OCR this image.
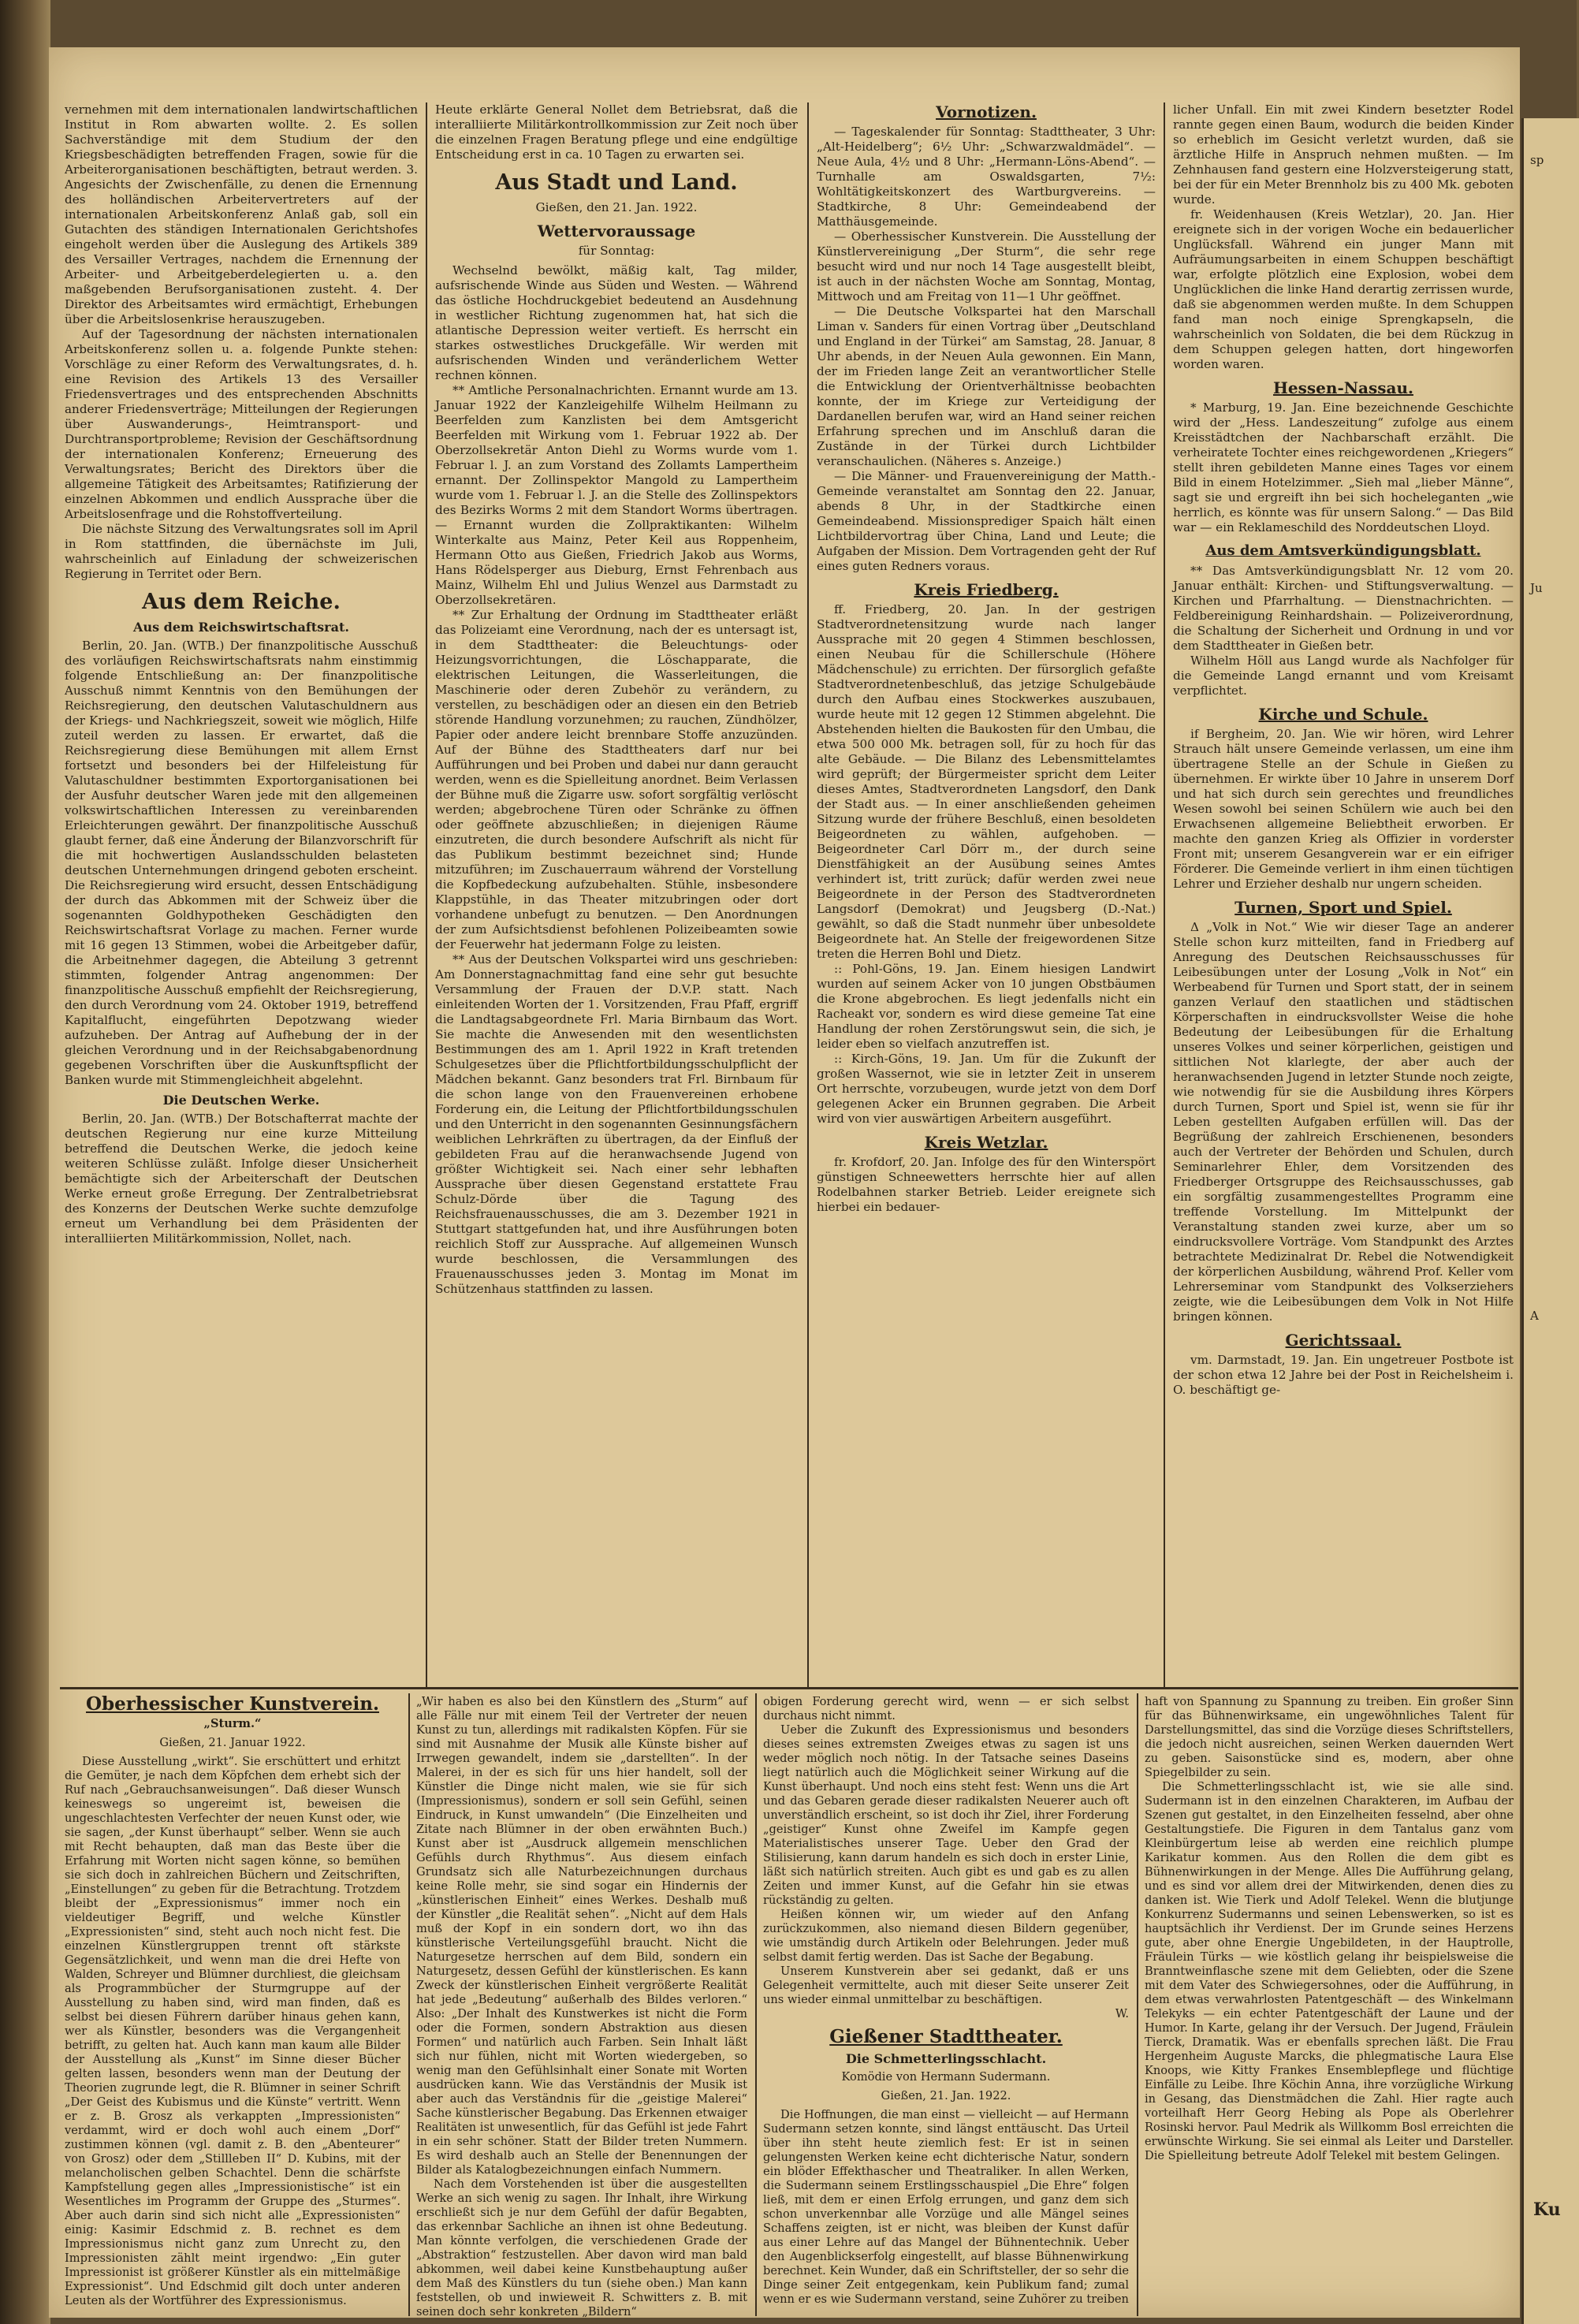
vernehmen mit dem internationalen landwirtschaftlichen Institut in Rom abwarten wollte. 2. Es sollen Sachverständige mit dem Studium der den Kriegsbeschädigten betreffenden Fragen, sowie für die Arbeiterorganisationen beschäftigten, betraut werden. 3. Angesichts der Zwischenfälle, zu denen die Ernennung des holländischen Arbeitervertreters auf der internationalen Arbeitskonferenz Anlaß gab, soll ein Gutachten des ständigen Internationalen Gerichtshofes eingeholt werden über die Auslegung des Artikels 389 des Versailler Vertrages, nachdem die Ernennung der Arbeiter- und Arbeitgeberdelegierten u. a. den maßgebenden Berufsorganisationen zusteht. 4. Der Direktor des Arbeitsamtes wird ermächtigt, Erhebungen über die Arbeitslosenkrise herauszugeben.

Auf der Tagesordnung der nächsten internationalen Arbeitskonferenz sollen u. a. folgende Punkte stehen: Vorschläge zu einer Reform des Verwaltungsrates, d. h. eine Revision des Artikels 13 des Versailler Friedensvertrages und des entsprechenden Abschnitts anderer Friedensverträge; Mitteilungen der Regierungen über Auswanderungs-, Heimtransport- und Durchtransportprobleme; Revision der Geschäftsordnung der internationalen Konferenz; Erneuerung des Verwaltungsrates; Bericht des Direktors über die allgemeine Tätigkeit des Arbeitsamtes; Ratifizierung der einzelnen Abkommen und endlich Aussprache über die Arbeitslosenfrage und die Rohstoffverteilung.

Die nächste Sitzung des Verwaltungsrates soll im April in Rom stattfinden, die übernächste im Juli, wahrscheinlich auf Einladung der schweizerischen Regierung in Territet oder Bern.

Aus dem Reiche.
Aus dem Reichswirtschaftsrat.

Berlin, 20. Jan. (WTB.) Der finanzpolitische Ausschuß des vorläufigen Reichswirtschaftsrats nahm einstimmig folgende Entschließung an: Der finanzpolitische Ausschuß nimmt Kenntnis von den Bemühungen der Reichsregierung, den deutschen Valutaschuldnern aus der Kriegs- und Nachkriegszeit, soweit wie möglich, Hilfe zuteil werden zu lassen. Er erwartet, daß die Reichsregierung diese Bemühungen mit allem Ernst fortsetzt und besonders bei der Hilfeleistung für Valutaschuldner bestimmten Exportorganisationen bei der Ausfuhr deutscher Waren jede mit den allgemeinen volkswirtschaftlichen Interessen zu vereinbarenden Erleichterungen gewährt. Der finanzpolitische Ausschuß glaubt ferner, daß eine Änderung der Bilanzvorschrift für die mit hochwertigen Auslandsschulden belasteten deutschen Unternehmungen dringend geboten erscheint. Die Reichsregierung wird ersucht, dessen Entschädigung der durch das Abkommen mit der Schweiz über die sogenannten Goldhypotheken Geschädigten den Reichswirtschaftsrat Vorlage zu machen. Ferner wurde mit 16 gegen 13 Stimmen, wobei die Arbeitgeber dafür, die Arbeitnehmer dagegen, die Abteilung 3 getrennt stimmten, folgender Antrag angenommen: Der finanzpolitische Ausschuß empfiehlt der Reichsregierung, den durch Verordnung vom 24. Oktober 1919, betreffend Kapitalflucht, eingeführten Depotzwang wieder aufzuheben. Der Antrag auf Aufhebung der in der gleichen Verordnung und in der Reichsabgabenordnung gegebenen Vorschriften über die Auskunftspflicht der Banken wurde mit Stimmengleichheit abgelehnt.

Die Deutschen Werke.

Berlin, 20. Jan. (WTB.) Der Botschafterrat machte der deutschen Regierung nur eine kurze Mitteilung betreffend die Deutschen Werke, die jedoch keine weiteren Schlüsse zuläßt. Infolge dieser Unsicherheit bemächtigte sich der Arbeiterschaft der Deutschen Werke erneut große Erregung. Der Zentralbetriebsrat des Konzerns der Deutschen Werke suchte demzufolge erneut um Verhandlung bei dem Präsidenten der interalliierten Militärkommission, Nollet, nach.

Heute erklärte General Nollet dem Betriebsrat, daß die interalliierte Militärkontrollkommission zur Zeit noch über die einzelnen Fragen Beratung pflege und eine endgültige Entscheidung erst in ca. 10 Tagen zu erwarten sei.

Aus Stadt und Land.
Gießen, den 21. Jan. 1922.
Wettervoraussage
für Sonntag:

Wechselnd bewölkt, mäßig kalt, Tag milder, aufsrischende Winde aus Süden und Westen. — Während das östliche Hochdruckgebiet bedeutend an Ausdehnung in westlicher Richtung zugenommen hat, hat sich die atlantische Depression weiter vertieft. Es herrscht ein starkes ostwestliches Druckgefälle. Wir werden mit aufsrischenden Winden und veränderlichem Wetter rechnen können.

** Amtliche Personalnachrichten. Ernannt wurde am 13. Januar 1922 der Kanzleigehilfe Wilhelm Heilmann zu Beerfelden zum Kanzlisten bei dem Amtsgericht Beerfelden mit Wirkung vom 1. Februar 1922 ab. Der Oberzollsekretär Anton Diehl zu Worms wurde vom 1. Februar l. J. an zum Vorstand des Zollamts Lampertheim ernannt. Der Zollinspektor Mangold zu Lampertheim wurde vom 1. Februar l. J. an die Stelle des Zollinspektors des Bezirks Worms 2 mit dem Standort Worms übertragen. — Ernannt wurden die Zollpraktikanten: Wilhelm Winterkalte aus Mainz, Peter Keil aus Roppenheim, Hermann Otto aus Gießen, Friedrich Jakob aus Worms, Hans Rödelsperger aus Dieburg, Ernst Fehrenbach aus Mainz, Wilhelm Ehl und Julius Wenzel aus Darmstadt zu Oberzollsekretären.

** Zur Erhaltung der Ordnung im Stadttheater erläßt das Polizeiamt eine Verordnung, nach der es untersagt ist, in dem Stadttheater: die Beleuchtungs- oder Heizungsvorrichtungen, die Löschapparate, die elektrischen Leitungen, die Wasserleitungen, die Maschinerie oder deren Zubehör zu verändern, zu verstellen, zu beschädigen oder an diesen ein den Betrieb störende Handlung vorzunehmen; zu rauchen, Zündhölzer, Papier oder andere leicht brennbare Stoffe anzuzünden. Auf der Bühne des Stadttheaters darf nur bei Aufführungen und bei Proben und dabei nur dann geraucht werden, wenn es die Spielleitung anordnet. Beim Verlassen der Bühne muß die Zigarre usw. sofort sorgfältig verlöscht werden; abgebrochene Türen oder Schränke zu öffnen oder geöffnete abzuschließen; in diejenigen Räume einzutreten, die durch besondere Aufschrift als nicht für das Publikum bestimmt bezeichnet sind; Hunde mitzuführen; im Zuschauerraum während der Vorstellung die Kopfbedeckung aufzubehalten. Stühle, insbesondere Klappstühle, in das Theater mitzubringen oder dort vorhandene unbefugt zu benutzen. — Den Anordnungen der zum Aufsichtsdienst befohlenen Polizeibeamten sowie der Feuerwehr hat jedermann Folge zu leisten.

** Aus der Deutschen Volkspartei wird uns geschrieben: Am Donnerstagnachmittag fand eine sehr gut besuchte Versammlung der Frauen der D.V.P. statt. Nach einleitenden Worten der 1. Vorsitzenden, Frau Pfaff, ergriff die Landtagsabgeordnete Frl. Maria Birnbaum das Wort. Sie machte die Anwesenden mit den wesentlichsten Bestimmungen des am 1. April 1922 in Kraft tretenden Schulgesetzes über die Pflichtfortbildungsschulpflicht der Mädchen bekannt. Ganz besonders trat Frl. Birnbaum für die schon lange von den Frauenvereinen erhobene Forderung ein, die Leitung der Pflichtfortbildungsschulen und den Unterricht in den sogenannten Gesinnungsfächern weiblichen Lehrkräften zu übertragen, da der Einfluß der gebildeten Frau auf die heranwachsende Jugend von größter Wichtigkeit sei. Nach einer sehr lebhaften Aussprache über diesen Gegenstand erstattete Frau Schulz-Dörde über die Tagung des Reichsfrauenausschusses, die am 3. Dezember 1921 in Stuttgart stattgefunden hat, und ihre Ausführungen boten reichlich Stoff zur Aussprache. Auf allgemeinen Wunsch wurde beschlossen, die Versammlungen des Frauenausschusses jeden 3. Montag im Monat im Schützenhaus stattfinden zu lassen.

Vornotizen.

— Tageskalender für Sonntag: Stadttheater, 3 Uhr: „Alt-Heidelberg“; 6½ Uhr: „Schwarzwaldmädel“. — Neue Aula, 4½ und 8 Uhr: „Hermann-Löns-Abend“. — Turnhalle am Oswaldsgarten, 7½: Wohltätigkeitskonzert des Wartburgvereins. — Stadtkirche, 8 Uhr: Gemeindeabend der Matthäusgemeinde.

— Oberhessischer Kunstverein. Die Ausstellung der Künstlervereinigung „Der Sturm“, die sehr rege besucht wird und nur noch 14 Tage ausgestellt bleibt, ist auch in der nächsten Woche am Sonntag, Montag, Mittwoch und am Freitag von 11—1 Uhr geöffnet.

— Die Deutsche Volkspartei hat den Marschall Liman v. Sanders für einen Vortrag über „Deutschland und England in der Türkei“ am Samstag, 28. Januar, 8 Uhr abends, in der Neuen Aula gewonnen. Ein Mann, der im Frieden lange Zeit an verantwortlicher Stelle die Entwicklung der Orientverhältnisse beobachten konnte, der im Kriege zur Verteidigung der Dardanellen berufen war, wird an Hand seiner reichen Erfahrung sprechen und im Anschluß daran die Zustände in der Türkei durch Lichtbilder veranschaulichen. (Näheres s. Anzeige.)

— Die Männer- und Frauenvereinigung der Matth.-Gemeinde veranstaltet am Sonntag den 22. Januar, abends 8 Uhr, in der Stadtkirche einen Gemeindeabend. Missionsprediger Spaich hält einen Lichtbildervortrag über China, Land und Leute; die Aufgaben der Mission. Dem Vortragenden geht der Ruf eines guten Redners voraus.

Kreis Friedberg.

ff. Friedberg, 20. Jan. In der gestrigen Stadtverordnetensitzung wurde nach langer Aussprache mit 20 gegen 4 Stimmen beschlossen, einen Neubau für die Schillerschule (Höhere Mädchenschule) zu errichten. Der fürsorglich gefaßte Stadtverordnetenbeschluß, das jetzige Schulgebäude durch den Aufbau eines Stockwerkes auszubauen, wurde heute mit 12 gegen 12 Stimmen abgelehnt. Die Abstehenden hielten die Baukosten für den Umbau, die etwa 500 000 Mk. betragen soll, für zu hoch für das alte Gebäude. — Die Bilanz des Lebensmittelamtes wird geprüft; der Bürgermeister spricht dem Leiter dieses Amtes, Stadtverordneten Langsdorf, den Dank der Stadt aus. — In einer anschließenden geheimen Sitzung wurde der frühere Beschluß, einen besoldeten Beigeordneten zu wählen, aufgehoben. — Beigeordneter Carl Dörr m., der durch seine Dienstfähigkeit an der Ausübung seines Amtes verhindert ist, tritt zurück; dafür werden zwei neue Beigeordnete in der Person des Stadtverordneten Langsdorf (Demokrat) und Jeugsberg (D.-Nat.) gewählt, so daß die Stadt nunmehr über unbesoldete Beigeordnete hat. An Stelle der freigewordenen Sitze treten die Herren Bohl und Dietz.

:: Pohl-Göns, 19. Jan. Einem hiesigen Landwirt wurden auf seinem Acker von 10 jungen Obstbäumen die Krone abgebrochen. Es liegt jedenfalls nicht ein Racheakt vor, sondern es wird diese gemeine Tat eine Handlung der rohen Zerstörungswut sein, die sich, je leider eben so vielfach anzutreffen ist.

:: Kirch-Göns, 19. Jan. Um für die Zukunft der großen Wassernot, wie sie in letzter Zeit in unserem Ort herrschte, vorzubeugen, wurde jetzt von dem Dorf gelegenen Acker ein Brunnen gegraben. Die Arbeit wird von vier auswärtigen Arbeitern ausgeführt.

Kreis Wetzlar.

fr. Krofdorf, 20. Jan. Infolge des für den Winterspört günstigen Schneewetters herrschte hier auf allen Rodelbahnen starker Betrieb. Leider ereignete sich hierbei ein bedauer-

licher Unfall. Ein mit zwei Kindern besetzter Rodel rannte gegen einen Baum, wodurch die beiden Kinder so erheblich im Gesicht verletzt wurden, daß sie ärztliche Hilfe in Anspruch nehmen mußten. — Im Zehnhausen fand gestern eine Holzversteigerung statt, bei der für ein Meter Brennholz bis zu 400 Mk. geboten wurde.

fr. Weidenhausen (Kreis Wetzlar), 20. Jan. Hier ereignete sich in der vorigen Woche ein bedauerlicher Unglücksfall. Während ein junger Mann mit Aufräumungsarbeiten in einem Schuppen beschäftigt war, erfolgte plötzlich eine Explosion, wobei dem Unglücklichen die linke Hand derartig zerrissen wurde, daß sie abgenommen werden mußte. In dem Schuppen fand man noch einige Sprengkapseln, die wahrscheinlich von Soldaten, die bei dem Rückzug in dem Schuppen gelegen hatten, dort hingeworfen worden waren.

Hessen-Nassau.

* Marburg, 19. Jan. Eine bezeichnende Geschichte wird der „Hess. Landeszeitung“ zufolge aus einem Kreisstädtchen der Nachbarschaft erzählt. Die verheiratete Tochter eines reichgewordenen „Kriegers“ stellt ihren gebildeten Manne eines Tages vor einem Bild in einem Hotelzimmer. „Sieh mal „lieber Männe“, sagt sie und ergreift ihn bei sich hocheleganten „wie herrlich, es könnte was für unsern Salong.“ — Das Bild war — ein Reklameschild des Norddeutschen Lloyd.

Aus dem Amtsverkündigungsblatt.

** Das Amtsverkündigungsblatt Nr. 12 vom 20. Januar enthält: Kirchen- und Stiftungsverwaltung. — Kirchen und Pfarrhaltung. — Dienstnachrichten. — Feldbereinigung Reinhardshain. — Polizeiverordnung, die Schaltung der Sicherheit und Ordnung in und vor dem Stadttheater in Gießen betr.

Wilhelm Höll aus Langd wurde als Nachfolger für die Gemeinde Langd ernannt und vom Kreisamt verpflichtet.

Kirche und Schule.

if Bergheim, 20. Jan. Wie wir hören, wird Lehrer Strauch hält unsere Gemeinde verlassen, um eine ihm übertragene Stelle an der Schule in Gießen zu übernehmen. Er wirkte über 10 Jahre in unserem Dorf und hat sich durch sein gerechtes und freundliches Wesen sowohl bei seinen Schülern wie auch bei den Erwachsenen allgemeine Beliebtheit erworben. Er machte den ganzen Krieg als Offizier in vorderster Front mit; unserem Gesangverein war er ein eifriger Förderer. Die Gemeinde verliert in ihm einen tüchtigen Lehrer und Erzieher deshalb nur ungern scheiden.

Turnen, Sport und Spiel.

Δ „Volk in Not.“ Wie wir dieser Tage an anderer Stelle schon kurz mitteilten, fand in Friedberg auf Anregung des Deutschen Reichsausschusses für Leibesübungen unter der Losung „Volk in Not“ ein Werbeabend für Turnen und Sport statt, der in seinem ganzen Verlauf den staatlichen und städtischen Körperschaften in eindrucksvollster Weise die hohe Bedeutung der Leibesübungen für die Erhaltung unseres Volkes und seiner körperlichen, geistigen und sittlichen Not klarlegte, der aber auch der heranwachsenden Jugend in letzter Stunde noch zeigte, wie notwendig für sie die Ausbildung ihres Körpers durch Turnen, Sport und Spiel ist, wenn sie für ihr Leben gestellten Aufgaben erfüllen will. Das der Begrüßung der zahlreich Erschienenen, besonders auch der Vertreter der Behörden und Schulen, durch Seminarlehrer Ehler, dem Vorsitzenden des Friedberger Ortsgruppe des Reichsausschusses, gab ein sorgfältig zusammengestelltes Programm eine treffende Vorstellung. Im Mittelpunkt der Veranstaltung standen zwei kurze, aber um so eindrucksvollere Vorträge. Vom Standpunkt des Arztes betrachtete Medizinalrat Dr. Rebel die Notwendigkeit der körperlichen Ausbildung, während Prof. Keller vom Lehrerseminar vom Standpunkt des Volkserziehers zeigte, wie die Leibesübungen dem Volk in Not Hilfe bringen können.

Gerichtssaal.

vm. Darmstadt, 19. Jan. Ein ungetreuer Postbote ist der schon etwa 12 Jahre bei der Post in Reichelsheim i. O. beschäftigt ge-

Oberhessischer Kunstverein.
„Sturm.“
Gießen, 21. Januar 1922.

Diese Ausstellung „wirkt“. Sie erschüttert und erhitzt die Gemüter, je nach dem Köpfchen dem erhebt sich der Ruf nach „Gebrauchsanweisungen“. Daß dieser Wunsch keineswegs so ungereimt ist, beweisen die ungeschlachtesten Verfechter der neuen Kunst oder, wie sie sagen, „der Kunst überhaupt“ selber. Wenn sie auch mit Recht behaupten, daß man das Beste über die Erfahrung mit Worten nicht sagen könne, so bemühen sie sich doch in zahlreichen Büchern und Zeitschriften, „Einstellungen“ zu geben für die Betrachtung. Trotzdem bleibt der „Expressionismus“ immer noch ein vieldeutiger Begriff, und welche Künstler „Expressionisten“ sind, steht auch noch nicht fest. Die einzelnen Künstlergruppen trennt oft stärkste Gegensätzlichkeit, und wenn man die drei Hefte von Walden, Schreyer und Blümner durchliest, die gleichsam als Programmbücher der Sturmgruppe auf der Ausstellung zu haben sind, wird man finden, daß es selbst bei diesen Führern darüber hinaus gehen kann, wer als Künstler, besonders was die Vergangenheit betrifft, zu gelten hat. Auch kann man kaum alle Bilder der Ausstellung als „Kunst“ im Sinne dieser Bücher gelten lassen, besonders wenn man der Deutung der Theorien zugrunde legt, die R. Blümner in seiner Schrift „Der Geist des Kubismus und die Künste“ vertritt. Wenn er z. B. Grosz als verkappten „Impressionisten“ verdammt, wird er doch wohl auch einem „Dorf“ zustimmen können (vgl. damit z. B. den „Abenteurer“ von Grosz) oder dem „Stillleben II“ D. Kubins, mit der melancholischen gelben Schachtel. Denn die schärfste Kampfstellung gegen alles „Impressionistische“ ist ein Wesentliches im Programm der Gruppe des „Sturmes“. Aber auch darin sind sich nicht alle „Expressionisten“ einig: Kasimir Edschmid z. B. rechnet es dem Impressionismus nicht ganz zum Unrecht zu, den Impressionisten zählt meint irgendwo: „Ein guter Impressionist ist größerer Künstler als ein mittelmäßige Expressionist“. Und Edschmid gilt doch unter anderen Leuten als der Wortführer des Expressionismus.

„Wir haben es also bei den Künstlern des „Sturm“ auf alle Fälle nur mit einem Teil der Vertreter der neuen Kunst zu tun, allerdings mit radikalsten Köpfen. Für sie sind mit Ausnahme der Musik alle Künste bisher auf Irrwegen gewandelt, indem sie „darstellten“. In der Malerei, in der es sich für uns hier handelt, soll der Künstler die Dinge nicht malen, wie sie für sich (Impressionismus), sondern er soll sein Gefühl, seinen Eindruck, in Kunst umwandeln“ (Die Einzelheiten und Zitate nach Blümner in der oben erwähnten Buch.) Kunst aber ist „Ausdruck allgemein menschlichen Gefühls durch Rhythmus“. Aus diesem einfach Grundsatz sich alle Naturbezeichnungen durchaus keine Rolle mehr, sie sind sogar ein Hindernis der „künstlerischen Einheit“ eines Werkes. Deshalb muß der Künstler „die Realität sehen“. „Nicht auf dem Hals muß der Kopf in ein sondern dort, wo ihn das künstlerische Verteilungsgefühl braucht. Nicht die Naturgesetze herrschen auf dem Bild, sondern ein Naturgesetz, dessen Gefühl der künstlerischen. Es kann Zweck der künstlerischen Einheit vergrößerte Realität hat jede „Bedeutung“ außerhalb des Bildes verloren.“ Also: „Der Inhalt des Kunstwerkes ist nicht die Form oder die Formen, sondern Abstraktion aus diesen Formen“ und natürlich auch Farben. Sein Inhalt läßt sich nur fühlen, nicht mit Worten wiedergeben, so wenig man den Gefühlsinhalt einer Sonate mit Worten ausdrücken kann. Wie das Verständnis der Musik ist aber auch das Verständnis für die „geistige Malerei“ Sache künstlerischer Begabung. Das Erkennen etwaiger Realitäten ist unwesentlich, für das Gefühl ist jede Fahrt in ein sehr schöner. Statt der Bilder treten Nummern. Es wird deshalb auch an Stelle der Benennungen der Bilder als Katalogbezeichnungen einfach Nummern.

Nach dem Vorstehenden ist über die ausgestellten Werke an sich wenig zu sagen. Ihr Inhalt, ihre Wirkung erschließt sich je nur dem Gefühl der dafür Begabten, das erkennbar Sachliche an ihnen ist ohne Bedeutung. Man könnte verfolgen, die verschiedenen Grade der „Abstraktion“ festzustellen. Aber davon wird man bald abkommen, weil dabei keine Kunstbehauptung außer dem Maß des Künstlers du tun (siehe oben.) Man kann feststellen, ob und inwieweit R. Schwitters z. B. mit seinen doch sehr konkreten „Bildern“

obigen Forderung gerecht wird, wenn — er sich selbst durchaus nicht nimmt.

Ueber die Zukunft des Expressionismus und besonders dieses seines extremsten Zweiges etwas zu sagen ist uns weder möglich noch nötig. In der Tatsache seines Daseins liegt natürlich auch die Möglichkeit seiner Wirkung auf die Kunst überhaupt. Und noch eins steht fest: Wenn uns die Art und das Gebaren gerade dieser radikalsten Neuerer auch oft unverständlich erscheint, so ist doch ihr Ziel, ihrer Forderung „geistiger“ Kunst ohne Zweifel im Kampfe gegen Materialistisches unserer Tage. Ueber den Grad der Stilisierung, kann darum handeln es sich doch in erster Linie, läßt sich natürlich streiten. Auch gibt es und gab es zu allen Zeiten und immer Kunst, auf die Gefahr hin sie etwas rückständig zu gelten.

Heißen können wir, um wieder auf den Anfang zurückzukommen, also niemand diesen Bildern gegenüber, wie umständig durch Artikeln oder Belehrungen. Jeder muß selbst damit fertig werden. Das ist Sache der Begabung.

Unserem Kunstverein aber sei gedankt, daß er uns Gelegenheit vermittelte, auch mit dieser Seite unserer Zeit uns wieder einmal unmittelbar zu beschäftigen.

W.
Gießener Stadttheater.
Die Schmetterlingsschlacht.
Komödie von Hermann Sudermann.
Gießen, 21. Jan. 1922.

Die Hoffnungen, die man einst — vielleicht — auf Hermann Sudermann setzen konnte, sind längst enttäuscht. Das Urteil über ihn steht heute ziemlich fest: Er ist in seinen gelungensten Werken keine echt dichterische Natur, sondern ein blöder Effekthascher und Theatraliker. In allen Werken, die Sudermann seinem Erstlingsschauspiel „Die Ehre“ folgen ließ, mit dem er einen Erfolg errungen, und ganz dem sich schon unverkennbar alle Vorzüge und alle Mängel seines Schaffens zeigten, ist er nicht, was bleiben der Kunst dafür aus einer Lehre auf das Mangel der Bühnentechnik. Ueber den Augenblickserfolg eingestellt, auf blasse Bühnenwirkung berechnet. Kein Wunder, daß ein Schriftsteller, der so sehr die Dinge seiner Zeit entgegenkam, kein Publikum fand; zumal wenn er es wie Sudermann verstand, seine Zuhörer zu treiben

haft von Spannung zu Spannung zu treiben. Ein großer Sinn für das Bühnenwirksame, ein ungewöhnliches Talent für Darstellungsmittel, das sind die Vorzüge dieses Schriftstellers, die jedoch nicht ausreichen, seinen Werken dauernden Wert zu geben. Saisonstücke sind es, modern, aber ohne Spiegelbilder zu sein.

Die Schmetterlingsschlacht ist, wie sie alle sind. Sudermann ist in den einzelnen Charakteren, im Aufbau der Szenen gut gestaltet, in den Einzelheiten fesselnd, aber ohne Gestaltungstiefe. Die Figuren in dem Tantalus ganz vom Kleinbürgertum leise ab werden eine reichlich plumpe Karikatur kommen. Aus den Rollen die dem gibt es Bühnenwirkungen in der Menge. Alles Die Aufführung gelang, und es sind vor allem drei der Mitwirkenden, denen dies zu danken ist. Wie Tierk und Adolf Telekel. Wenn die blutjunge Konkurrenz Sudermanns und seinen Lebenswerken, so ist es hauptsächlich ihr Verdienst. Der im Grunde seines Herzens gute, aber ohne Energie Ungebildeten, in der Hauptrolle, Fräulein Türks — wie köstlich gelang ihr beispielsweise die Branntweinflasche szene mit dem Geliebten, oder die Szene mit dem Vater des Schwiegersohnes, oder die Aufführung, in dem etwas verwahrlosten Patentgeschäft — des Winkelmann Telekyks — ein echter Patentgeschäft der Laune und der Humor. In Karte, gelang ihr der Versuch. Der Jugend, Fräulein Tierck, Dramatik. Was er ebenfalls sprechen läßt. Die Frau Hergenheim Auguste Marcks, die phlegmatische Laura Else Knoops, wie Kitty Frankes Ensemblepflege und flüchtige Einfälle zu Leibe. Ihre Köchin Anna, ihre vorzügliche Wirkung in Gesang, das Dienstmädchen die Zahl. Hier ragte auch vorteilhaft Herr Georg Hebing als Pope als Oberlehrer Rosinski hervor. Paul Medrik als Willkomm Bosl erreichten die erwünschte Wirkung. Sie sei einmal als Leiter und Darsteller. Die Spielleitung betreute Adolf Telekel mit bestem Gelingen.

sp
Ju
A
Ku
